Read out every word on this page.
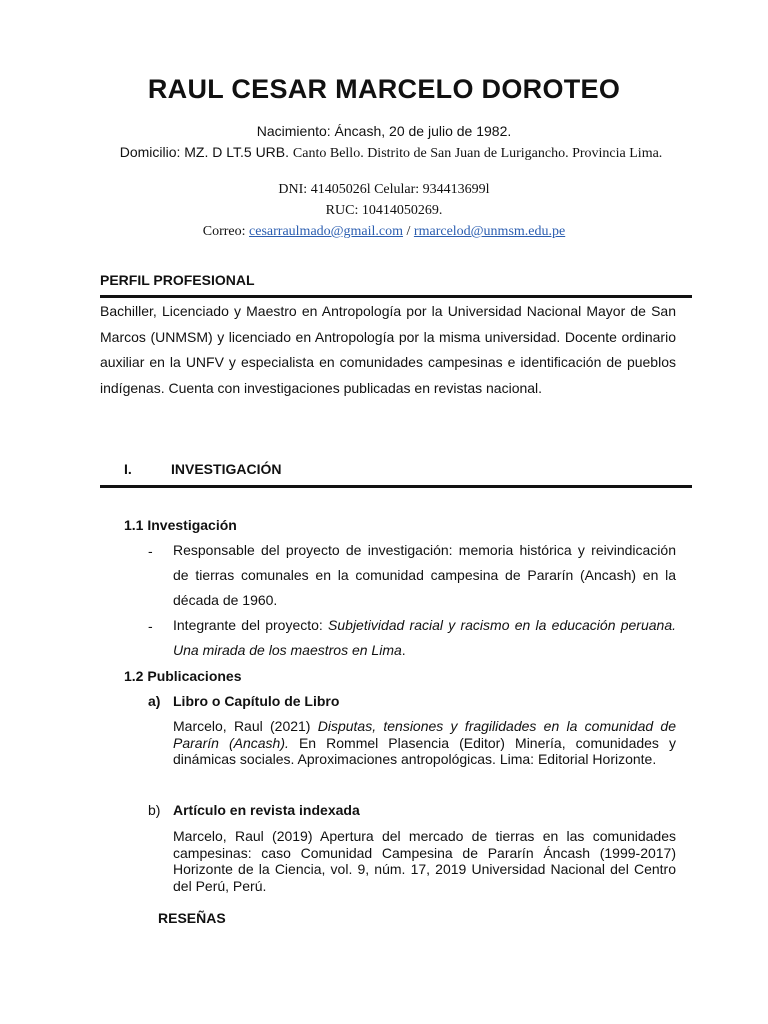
RAUL CESAR MARCELO DOROTEO
Nacimiento: Áncash, 20 de julio de 1982.
Domicilio: MZ. D LT.5 URB. Canto Bello. Distrito de San Juan de Lurigancho. Provincia Lima.
DNI: 41405026l Celular: 934413699l
RUC: 10414050269.
Correo: cesarraulmado@gmail.com / rmarcelod@unmsm.edu.pe
PERFIL PROFESIONAL

Bachiller, Licenciado y Maestro en Antropología por la Universidad Nacional Mayor de San Marcos (UNMSM) y licenciado en Antropología por la misma universidad. Docente ordinario auxiliar en la UNFV y especialista en comunidades campesinas e identificación de pueblos indígenas. Cuenta con investigaciones publicadas en revistas nacional.

I.	INVESTIGACIÓN
1.1 Investigación
- Responsable del proyecto de investigación: memoria histórica y reivindicación de tierras comunales en la comunidad campesina de Pararín (Ancash) en la década de 1960.

- Integrante del proyecto: Subjetividad racial y racismo en la educación peruana. Una mirada de los maestros en Lima.

1.2 Publicaciones
a) Libro o Capítulo de Libro

Marcelo, Raul (2021) Disputas, tensiones y fragilidades en la comunidad de Pararín (Ancash). En Rommel Plasencia (Editor) Minería, comunidades y dinámicas sociales. Aproximaciones antropológicas. Lima: Editorial Horizonte.

b) Artículo en revista indexada

Marcelo, Raul (2019) Apertura del mercado de tierras en las comunidades campesinas: caso Comunidad Campesina de Pararín Áncash (1999-2017) Horizonte de la Ciencia, vol. 9, núm. 17, 2019 Universidad Nacional del Centro del Perú, Perú.

RESEÑAS
